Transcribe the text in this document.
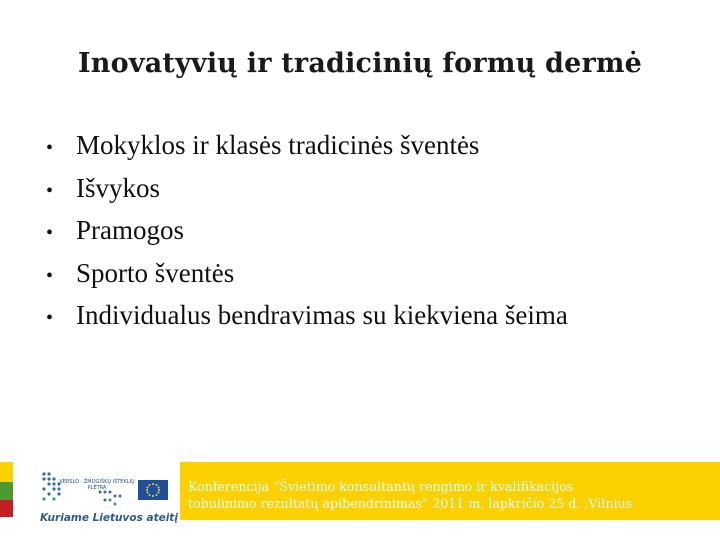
Inovatyvių ir tradicinių formų dermė
• Mokyklos ir klasės tradicinės šventės
• Išvykos
• Pramogos
• Sporto šventės
• Individualus bendravimas su kiekviena šeima
VERSLO · ŽMOGIŠKŲ IŠTEKLIŲ PLĖTRA
Kuriame Lietuvos ateitį
Konferencija “Švietimo konsultantų rengimo ir kvalifikacijos
tobulinimo rezultatų apibendrinimas” 2011 m. lapkričio 25 d. ,Vilnius
